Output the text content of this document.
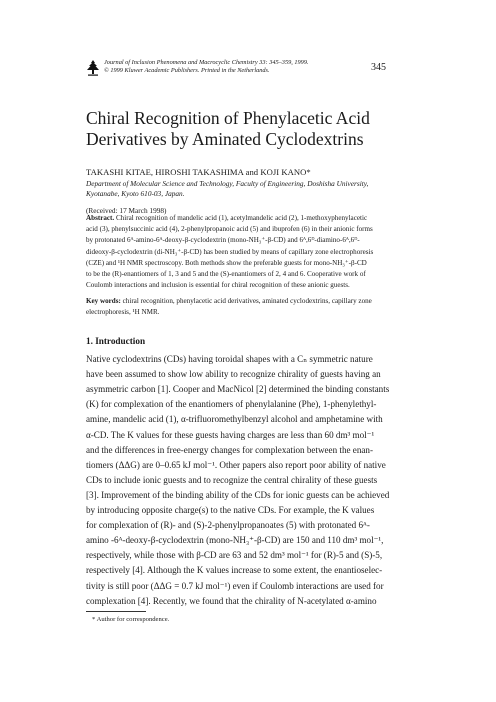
Journal of Inclusion Phenomena and Macrocyclic Chemistry 33: 345–359, 1999.
© 1999 Kluwer Academic Publishers. Printed in the Netherlands.	345
Chiral Recognition of Phenylacetic Acid
Derivatives by Aminated Cyclodextrins
TAKASHI KITAE, HIROSHI TAKASHIMA and KOJI KANO*
Department of Molecular Science and Technology, Faculty of Engineering, Doshisha University,
Kyotanabe, Kyoto 610-03, Japan.
(Received: 17 March 1998)
Abstract. Chiral recognition of mandelic acid (1), acetylmandelic acid (2), 1-methoxyphenylacetic
acid (3), phenylsuccinic acid (4), 2-phenylpropanoic acid (5) and ibuprofen (6) in their anionic forms
by protonated 6ᴬ-amino-6ᴬ-deoxy-β-cyclodextrin (mono-NH₃⁺-β-CD) and 6ᴬ,6ᴰ-diamino-6ᴬ,6ᴰ-
dideoxy-β-cyclodextrin (di-NH₃⁺-β-CD) has been studied by means of capillary zone electrophoresis
(CZE) and ¹H NMR spectroscopy. Both methods show the preferable guests for mono-NH₃⁺-β-CD
to be the (R)-enantiomers of 1, 3 and 5 and the (S)-enantiomers of 2, 4 and 6. Cooperative work of
Coulomb interactions and inclusion is essential for chiral recognition of these anionic guests.
Key words: chiral recognition, phenylacetic acid derivatives, aminated cyclodextrins, capillary zone
electrophoresis, ¹H NMR.
1. Introduction
Native cyclodextrins (CDs) having toroidal shapes with a Cₙ symmetric nature
have been assumed to show low ability to recognize chirality of guests having an
asymmetric carbon [1]. Cooper and MacNicol [2] determined the binding constants
(K) for complexation of the enantiomers of phenylalanine (Phe), 1-phenylethyl-
amine, mandelic acid (1), α-trifluoromethylbenzyl alcohol and amphetamine with
α-CD. The K values for these guests having charges are less than 60 dm³ mol⁻¹
and the differences in free-energy changes for complexation between the enan-
tiomers (ΔΔG) are 0–0.65 kJ mol⁻¹. Other papers also report poor ability of native
CDs to include ionic guests and to recognize the central chirality of these guests
[3]. Improvement of the binding ability of the CDs for ionic guests can be achieved
by introducing opposite charge(s) to the native CDs. For example, the K values
for complexation of (R)- and (S)-2-phenylpropanoates (5) with protonated 6ᴬ-
amino -6ᴬ-deoxy-β-cyclodextrin (mono-NH₃⁺-β-CD) are 150 and 110 dm³ mol⁻¹,
respectively, while those with β-CD are 63 and 52 dm³ mol⁻¹ for (R)-5 and (S)-5,
respectively [4]. Although the K values increase to some extent, the enantioselec-
tivity is still poor (ΔΔG = 0.7 kJ mol⁻¹) even if Coulomb interactions are used for
complexation [4]. Recently, we found that the chirality of N-acetylated α-amino
* Author for correspondence.
